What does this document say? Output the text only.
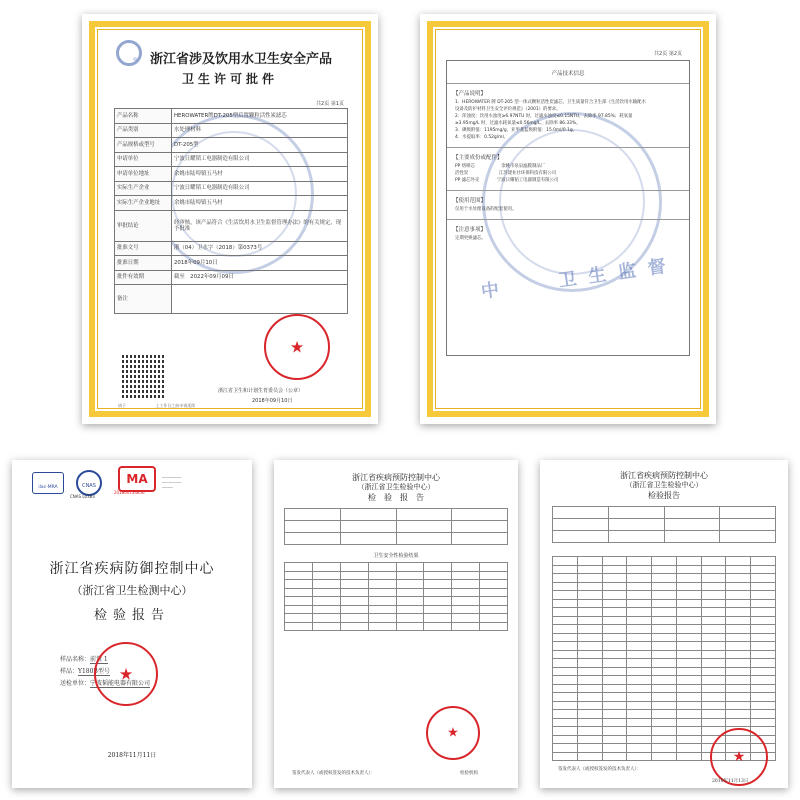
★
共2页 第1页
浙江省涉及饮用水卫生安全产品
卫生许可批件
产品名称	HEROWATER牌DT-205型后置颗粒活性炭滤芯
产品类别	水处理材料
产品规格或型号	DT-205型
申请单位	宁波日耀韬工电器制造有限公司
申请单位地址	余姚市陆埠镇五马村
实际生产企业	宁波日耀韬工电器制造有限公司
实际生产企业地址	余姚市陆埠镇五马村
审批结论	经审核，该产品符合《生活饮用水卫生监督管理办法》的有关规定，现予批准
批准文号	浙（04）卫水字（2018）第0373号
批准日期	2018年09月10日
批件有效期	截至　2022年09月09日
备注	
浙江省卫生和计划生育委员会（公章）
2018年09月10日
请于 　　　　　　　上工作日之前申请延续
中 　卫生监督
共2页 第2页
产品技术信息
【产品说明】
1．HEROWATER 牌 DT-205 型一体式颗粒活性炭滤芯，卫生质量符合卫生部《生活饮用水输配水
设备及防护材料卫生安全评价规范》（2001）的要求。
2．浑浊度：饮用水浊度≥6.97NTU 时，过滤水浊度≤0.15NTU，去除率 97.85%；耗氧量
≥3.95mg/L 时，过滤水耗氧量≤0.56mg/L，去除率 86.33%。
3．碘吸附值：1195mg/g，亚甲基蓝吸附值：15.0ml/0.1g。
4．水提取率：0.52g/ml。
【主要成份或配件】
PP 熔喷芯　　　　　　余姚市泉泉滤膜制品厂
活性炭　　　　　　　江苏建业社环保科技有限公司
PP 滤芯外壳　　　　宁波日耀韬工电器制造有限公司
【使用范围】
仅用于水处理设备的配套使用。
【注意事项】
定期更换滤芯。
ilac-MRA	CNAS
CNAS L0383
MA
201800134856
─────────
─────────
─────
浙江省疾病防御控制中心
（浙江省卫生检测中心）
检验报告
样品名称：前置 1
样品：Y180B型号
送检单位：宁波韬能电器有限公司
★
2018年11月11日
浙江省疾病预防控制中心
（浙江省卫生检验中心）
检　验　报　告

卫生安全性检验结果

★
签发代表人（或授权签发的技术负责人）：	检验机构
浙江省疾病预防控制中心
（浙江省卫生检验中心）
检验报告

★
签发代表人（或授权签发的技术负责人）：
2018年11月13日
